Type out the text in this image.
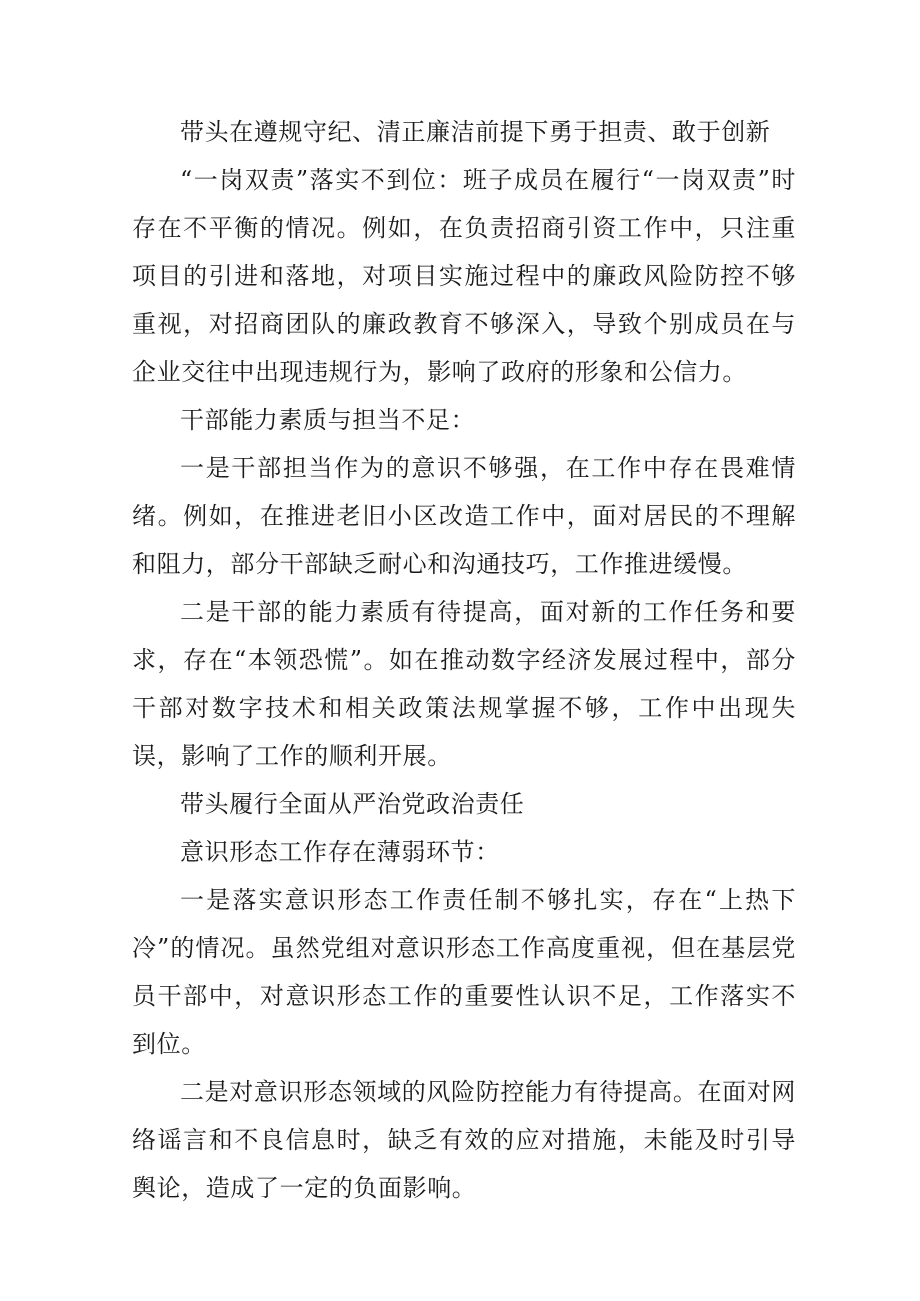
带头在遵规守纪、清正廉洁前提下勇于担责、敢于创新

“一岗双责”落实不到位：班子成员在履行“一岗双责”时存在不平衡的情况。例如，在负责招商引资工作中，只注重项目的引进和落地，对项目实施过程中的廉政风险防控不够重视，对招商团队的廉政教育不够深入，导致个别成员在与企业交往中出现违规行为，影响了政府的形象和公信力。

干部能力素质与担当不足：

一是干部担当作为的意识不够强，在工作中存在畏难情绪。例如，在推进老旧小区改造工作中，面对居民的不理解和阻力，部分干部缺乏耐心和沟通技巧，工作推进缓慢。

二是干部的能力素质有待提高，面对新的工作任务和要求，存在“本领恐慌”。如在推动数字经济发展过程中，部分干部对数字技术和相关政策法规掌握不够，工作中出现失误，影响了工作的顺利开展。

带头履行全面从严治党政治责任

意识形态工作存在薄弱环节：

一是落实意识形态工作责任制不够扎实，存在“上热下冷”的情况。虽然党组对意识形态工作高度重视，但在基层党员干部中，对意识形态工作的重要性认识不足，工作落实不到位。

二是对意识形态领域的风险防控能力有待提高。在面对网络谣言和不良信息时，缺乏有效的应对措施，未能及时引导舆论，造成了一定的负面影响。
